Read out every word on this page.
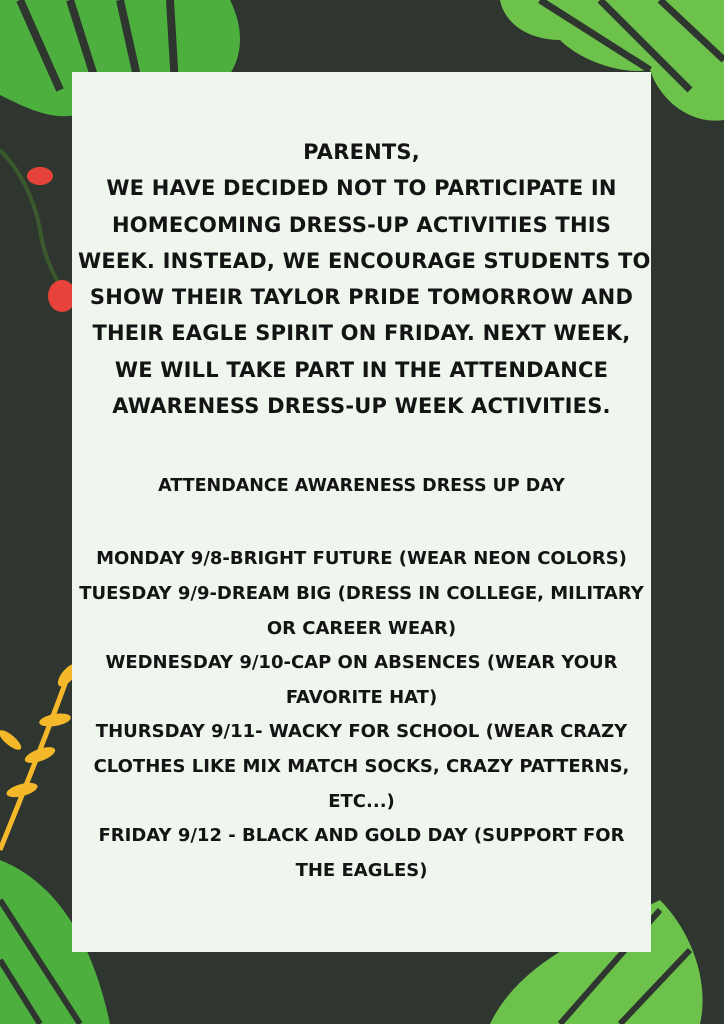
PARENTS,
WE HAVE DECIDED NOT TO PARTICIPATE IN
HOMECOMING DRESS-UP ACTIVITIES THIS
WEEK. INSTEAD, WE ENCOURAGE STUDENTS TO
SHOW THEIR TAYLOR PRIDE TOMORROW AND
THEIR EAGLE SPIRIT ON FRIDAY. NEXT WEEK,
WE WILL TAKE PART IN THE ATTENDANCE
AWARENESS DRESS-UP WEEK ACTIVITIES.
ATTENDANCE AWARENESS DRESS UP DAY
MONDAY 9/8-BRIGHT FUTURE (WEAR NEON COLORS)
TUESDAY 9/9-DREAM BIG (DRESS IN COLLEGE, MILITARY
OR CAREER WEAR)
WEDNESDAY 9/10-CAP ON ABSENCES (WEAR YOUR
FAVORITE HAT)
THURSDAY 9/11- WACKY FOR SCHOOL (WEAR CRAZY
CLOTHES LIKE MIX MATCH SOCKS, CRAZY PATTERNS,
ETC...)
FRIDAY 9/12 - BLACK AND GOLD DAY (SUPPORT FOR
THE EAGLES)
